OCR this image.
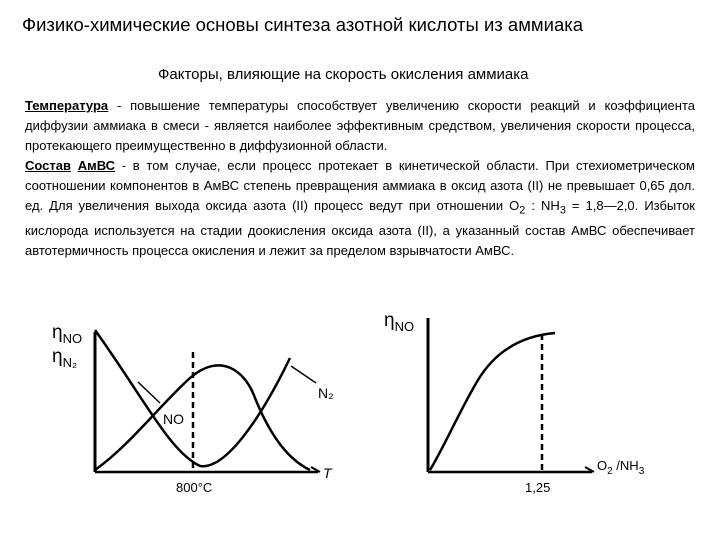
Физико-химические основы синтеза азотной кислоты из аммиака
Факторы, влияющие на скорость окисления аммиака

Температура - повышение температуры способствует увеличению скорости реакций и коэффициента диффузии аммиака в смеси - является наиболее эффективным средством, увеличения скорости процесса, протекающего преимущественно в диффузионной области.

Состав АмВС - в том случае, если процесс протекает в кинетической области. При стехиометрическом соотношении компонентов в АмВС степень превращения аммиака в оксид азота (II) не превышает 0,65 дол. ед. Для увеличения выхода оксида азота (II) процесс ведут при отношении $O_2$ : $NH_3$ = 1,8—2,0. Избыток кислорода используется на стадии доокисления оксида азота (II), а указанный состав АмВС обеспечивает автотермичность процесса окисления и лежит за пределом взрывчатости АмВС.

$\eta_{NO}$
$\eta_{N_2}$
NO
N₂
T
800°C
$\eta_{NO}$
$O_2$ $/NH_3$
1,25
